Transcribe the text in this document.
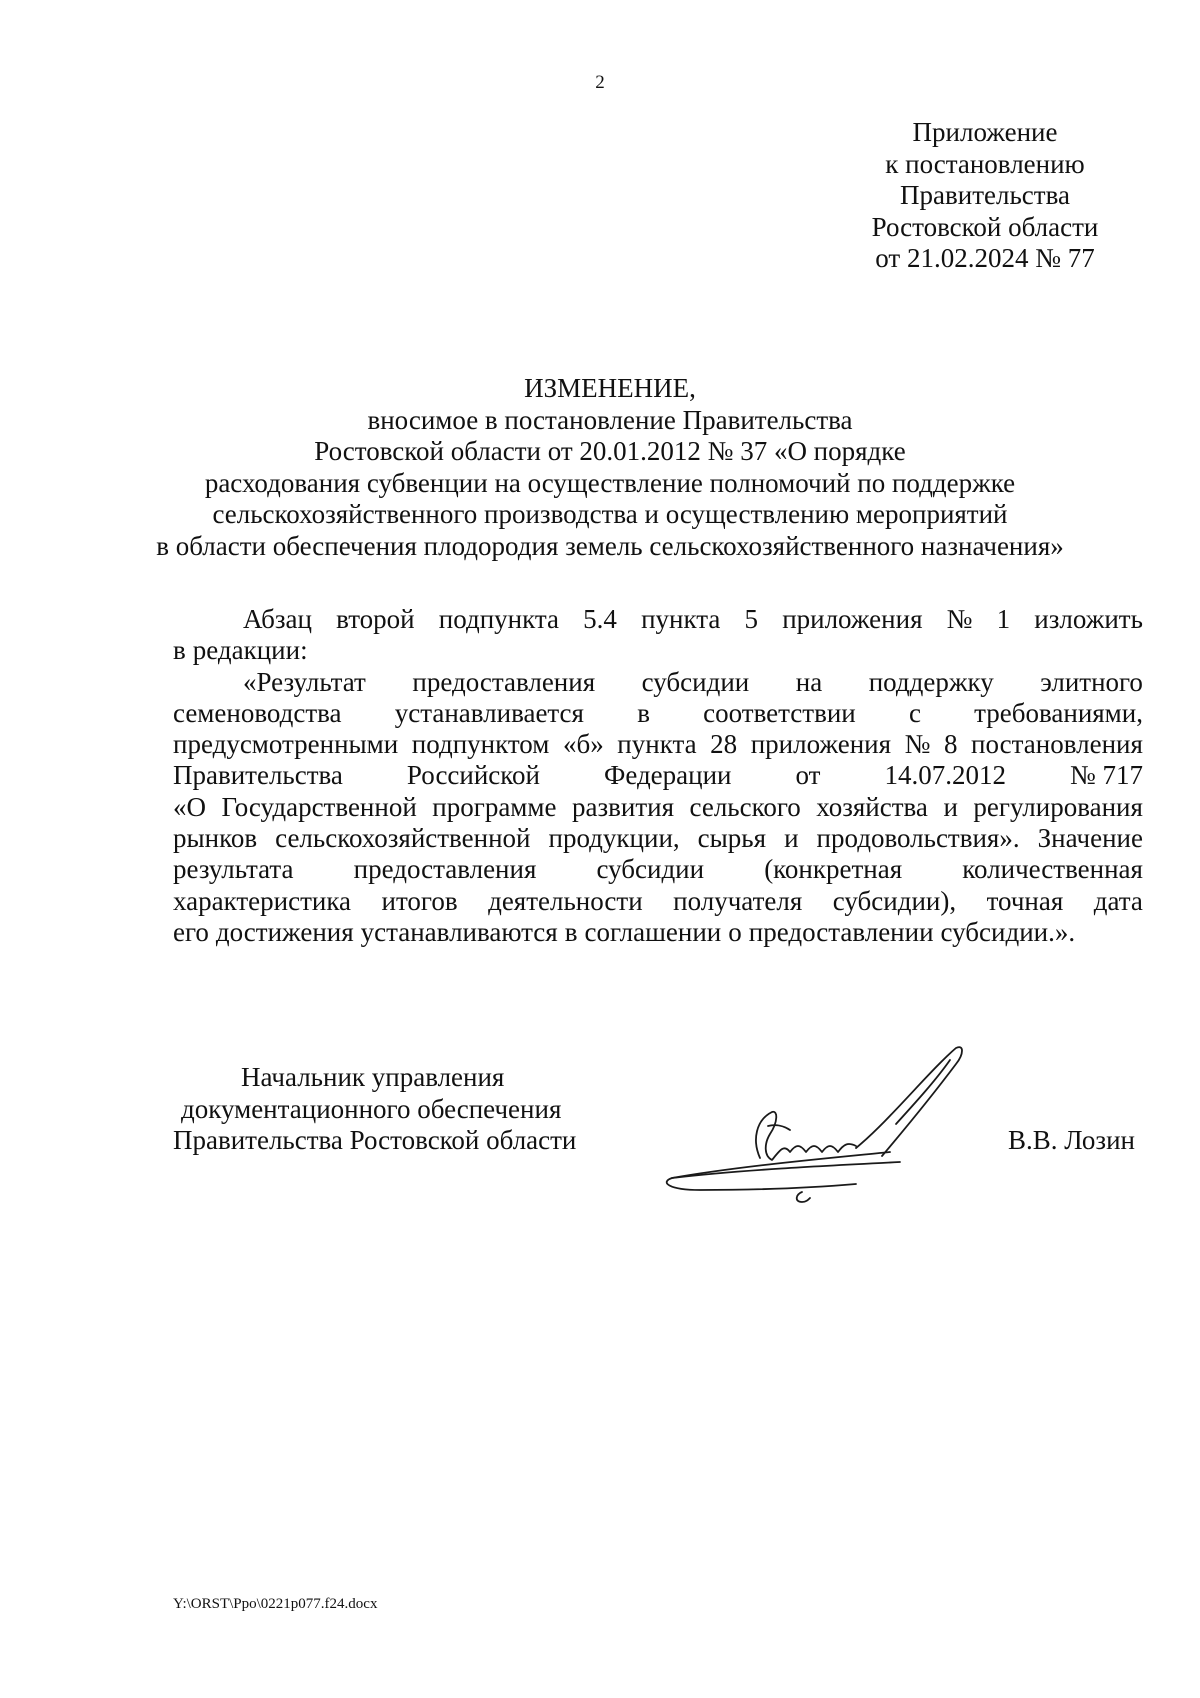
2
Приложение
к постановлению
Правительства
Ростовской области
от 21.02.2024 № 77
ИЗМЕНЕНИЕ,
вносимое в постановление Правительства
Ростовской области от 20.01.2012 № 37 «О порядке
расходования субвенции на осуществление полномочий по поддержке
сельскохозяйственного производства и осуществлению мероприятий
в области обеспечения плодородия земель сельскохозяйственного назначения»
Абзац второй подпункта 5.4 пункта 5 приложения № 1 изложить
в редакции:
«Результат предоставления субсидии на поддержку элитного
семеноводства устанавливается в соответствии с требованиями,
предусмотренными подпунктом «б» пункта 28 приложения № 8 постановления
Правительства Российской Федерации от 14.07.2012 № 717
«О Государственной программе развития сельского хозяйства и регулирования
рынков сельскохозяйственной продукции, сырья и продовольствия». Значение
результата предоставления субсидии (конкретная количественная
характеристика итогов деятельности получателя субсидии), точная дата
его достижения устанавливаются в соглашении о предоставлении субсидии.».
Начальник управления
документационного обеспечения
Правительства Ростовской области	В.В. Лозин
Y:\ORST\Ppo\0221p077.f24.docx
